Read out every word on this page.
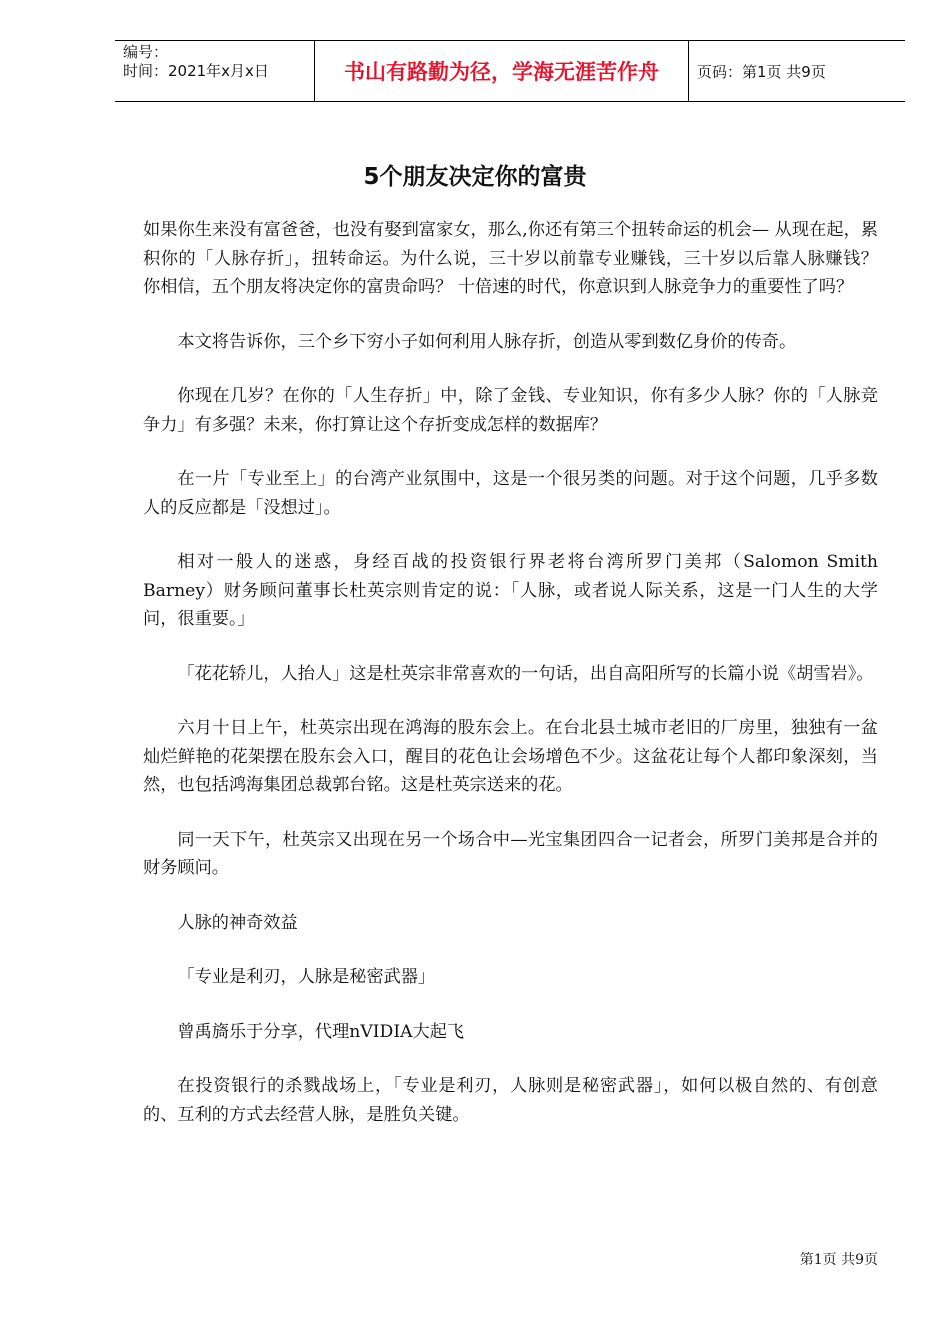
编号：
时间：2021年x月x日	书山有路勤为径，学海无涯苦作舟	页码：第1页 共9页
5个朋友决定你的富贵

如果你生来没有富爸爸，也没有娶到富家女，那么,你还有第三个扭转命运的机会— 从现在起，累积你的「人脉存折」，扭转命运。为什么说，三十岁以前靠专业赚钱，三十岁以后靠人脉赚钱？ 你相信，五个朋友将决定你的富贵命吗？ 十倍速的时代，你意识到人脉竞争力的重要性了吗？

本文将告诉你，三个乡下穷小子如何利用人脉存折，创造从零到数亿身价的传奇。

你现在几岁？在你的「人生存折」中，除了金钱、专业知识，你有多少人脉？你的「人脉竞争力」有多强？未来，你打算让这个存折变成怎样的数据库？

在一片「专业至上」的台湾产业氛围中，这是一个很另类的问题。对于这个问题，几乎多数人的反应都是「没想过」。

相对一般人的迷惑，身经百战的投资银行界老将台湾所罗门美邦（Salomon Smith Barney）财务顾问董事长杜英宗则肯定的说：「人脉，或者说人际关系，这是一门人生的大学问，很重要。」

「花花轿儿，人抬人」这是杜英宗非常喜欢的一句话，出自高阳所写的长篇小说《胡雪岩》。

六月十日上午，杜英宗出现在鸿海的股东会上。在台北县土城市老旧的厂房里，独独有一盆灿烂鲜艳的花架摆在股东会入口，醒目的花色让会场增色不少。这盆花让每个人都印象深刻，当然，也包括鸿海集团总裁郭台铭。这是杜英宗送来的花。

同一天下午，杜英宗又出现在另一个场合中—光宝集团四合一记者会，所罗门美邦是合并的财务顾问。

人脉的神奇效益

「专业是利刃，人脉是秘密武器」

曾禹旖乐于分享，代理nVIDIA大起飞

在投资银行的杀戮战场上，「专业是利刃，人脉则是秘密武器」，如何以极自然的、有创意的、互利的方式去经营人脉，是胜负关键。

第1页 共9页
